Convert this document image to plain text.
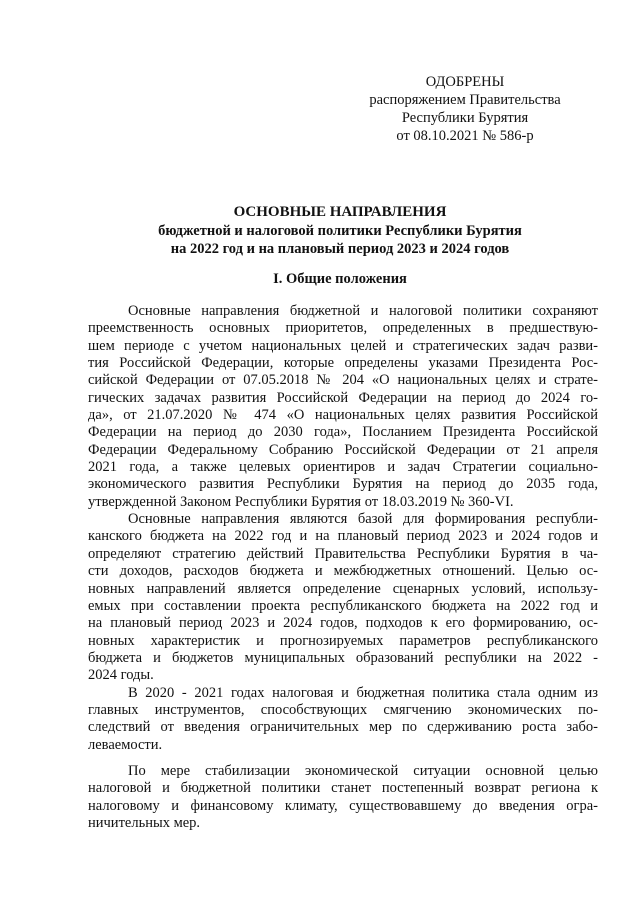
ОДОБРЕНЫ
распоряжением Правительства
Республики Бурятия
от 08.10.2021 № 586-р
ОСНОВНЫЕ НАПРАВЛЕНИЯ
бюджетной и налоговой политики Республики Бурятия
на 2022 год и на плановый период 2023 и 2024 годов
I. Общие положения
Основные направления бюджетной и налоговой политики сохраняют
преемственность основных приоритетов, определенных в предшествую-
шем периоде с учетом национальных целей и стратегических задач разви-
тия Российской Федерации, которые определены указами Президента Рос-
сийской Федерации от 07.05.2018 № 204 «О национальных целях и страте-
гических задачах развития Российской Федерации на период до 2024 го-
да», от 21.07.2020 № 474 «О национальных целях развития Российской
Федерации на период до 2030 года», Посланием Президента Российской
Федерации Федеральному Собранию Российской Федерации от 21 апреля
2021 года, а также целевых ориентиров и задач Стратегии социально-
экономического развития Республики Бурятия на период до 2035 года,
утвержденной Законом Республики Бурятия от 18.03.2019 № 360-VI.
Основные направления являются базой для формирования республи-
канского бюджета на 2022 год и на плановый период 2023 и 2024 годов и
определяют стратегию действий Правительства Республики Бурятия в ча-
сти доходов, расходов бюджета и межбюджетных отношений. Целью ос-
новных направлений является определение сценарных условий, использу-
емых при составлении проекта республиканского бюджета на 2022 год и
на плановый период 2023 и 2024 годов, подходов к его формированию, ос-
новных характеристик и прогнозируемых параметров республиканского
бюджета и бюджетов муниципальных образований республики на 2022 -
2024 годы.
В 2020 - 2021 годах налоговая и бюджетная политика стала одним из
главных инструментов, способствующих смягчению экономических по-
следствий от введения ограничительных мер по сдерживанию роста забо-
леваемости.
По мере стабилизации экономической ситуации основной целью
налоговой и бюджетной политики станет постепенный возврат региона к
налоговому и финансовому климату, существовавшему до введения огра-
ничительных мер.
